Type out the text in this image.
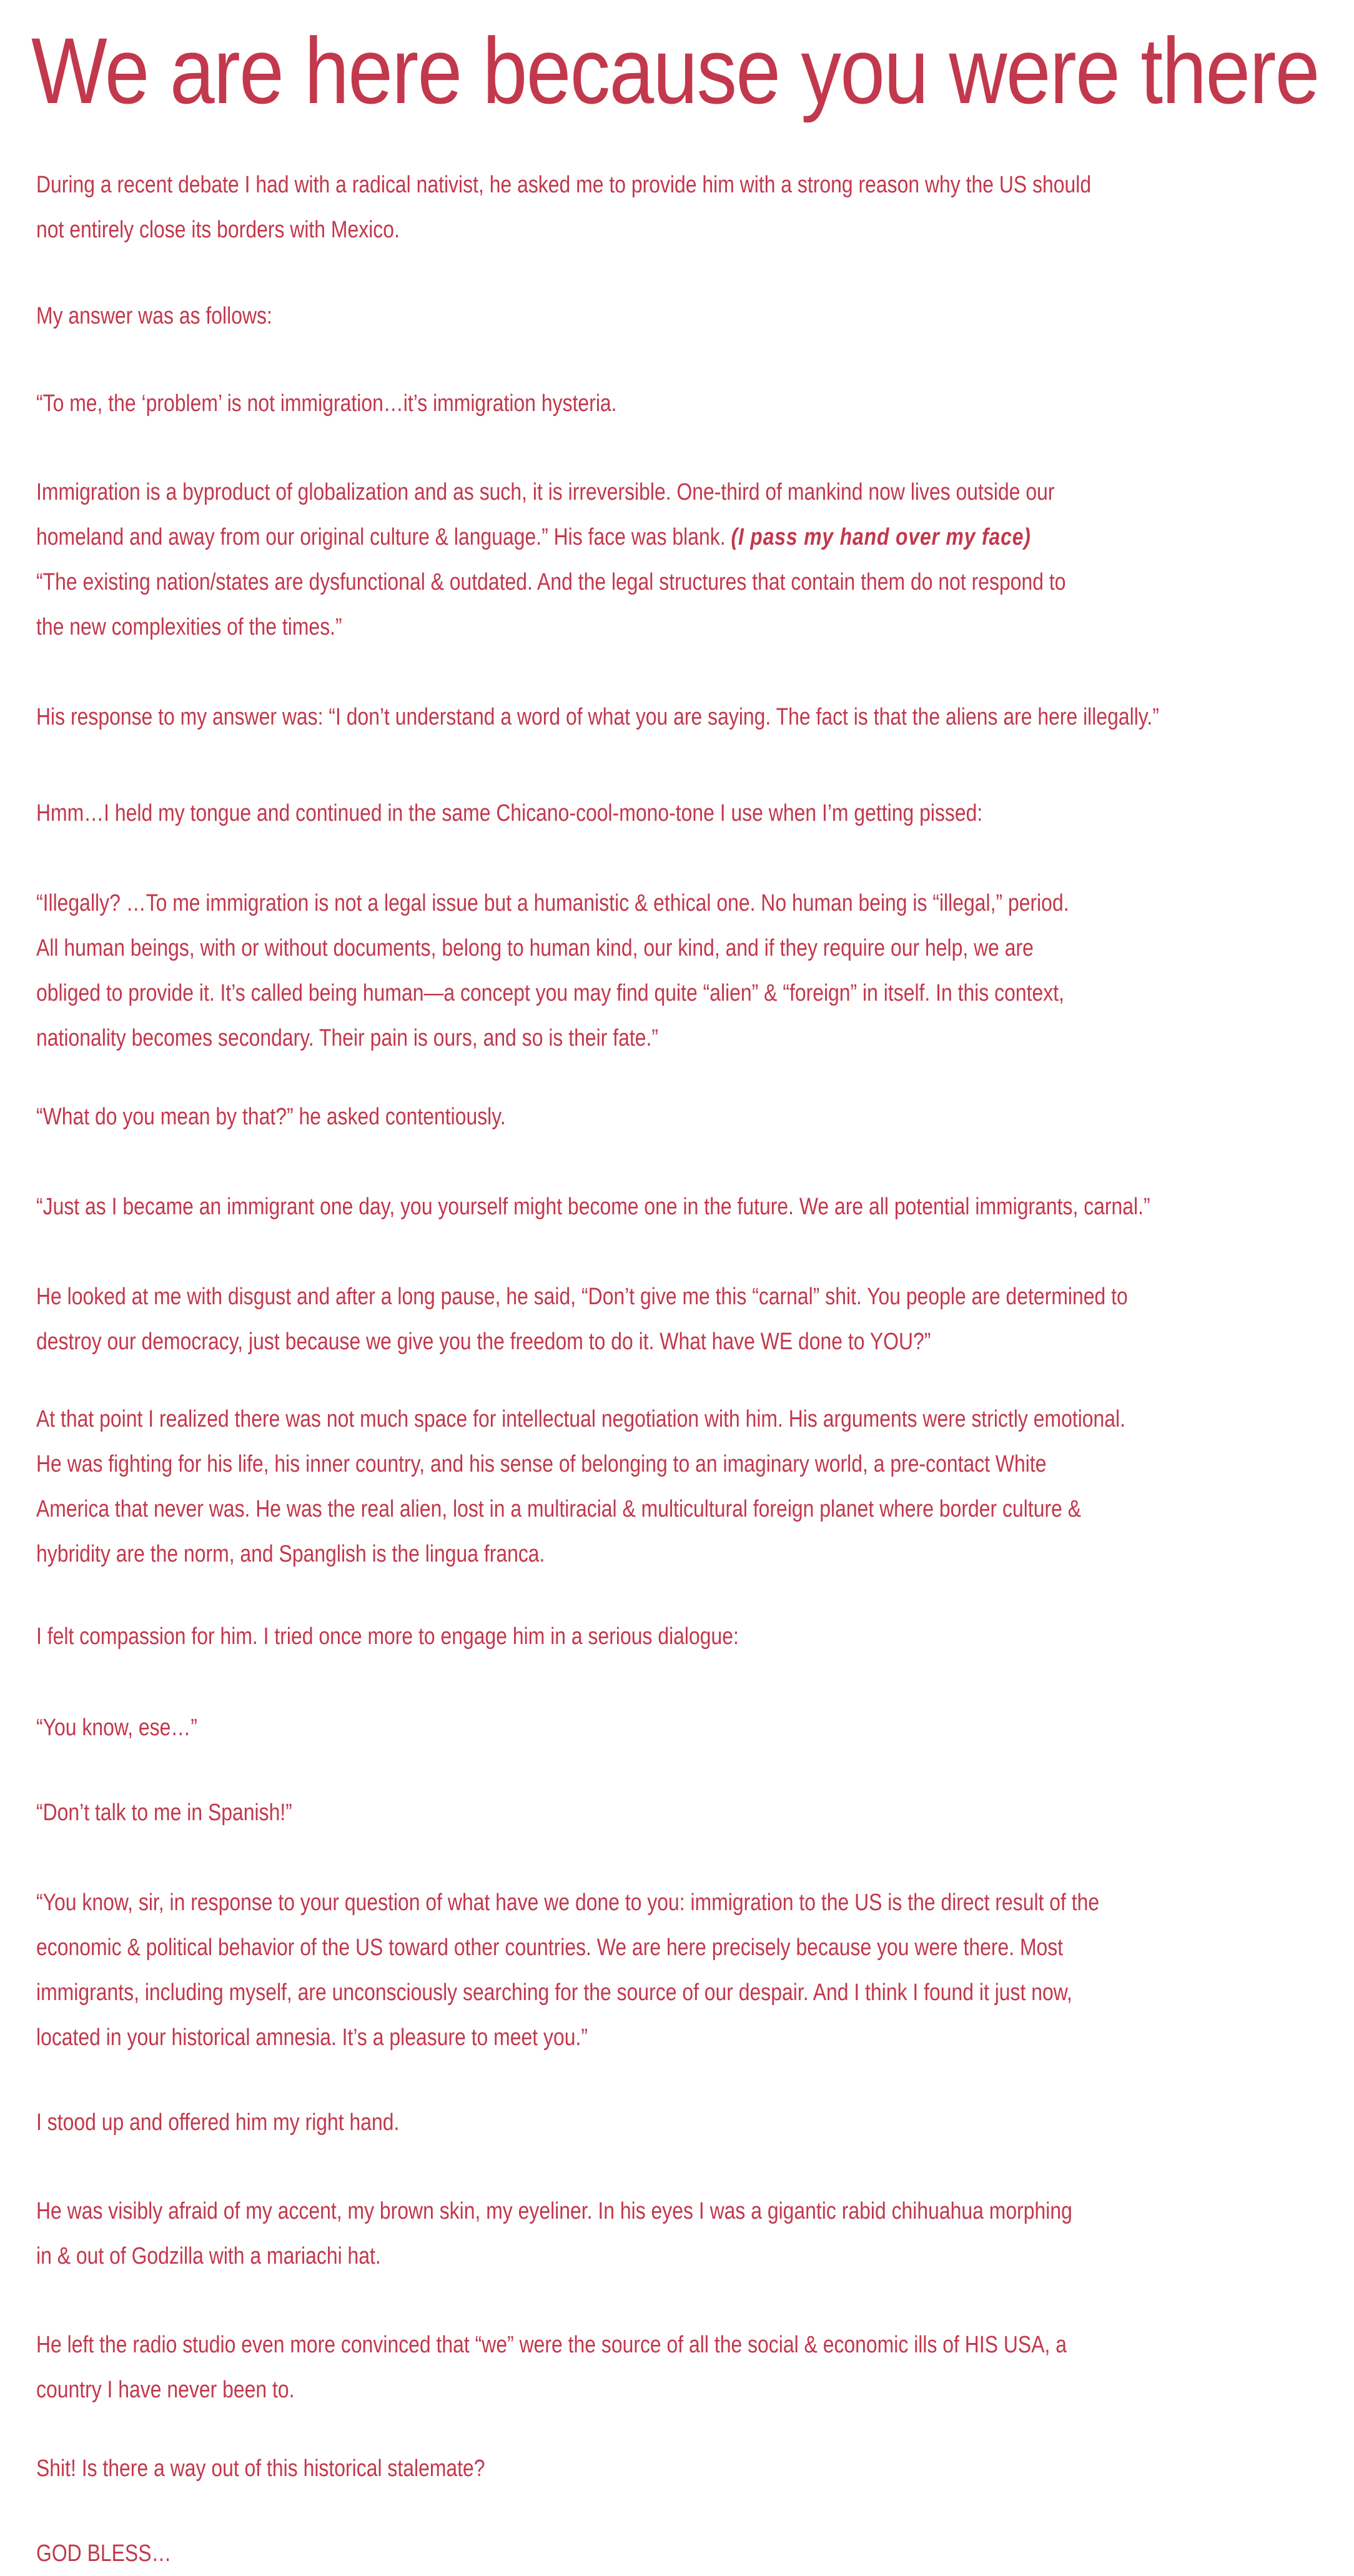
We are here because you were there

During a recent debate I had with a radical nativist, he asked me to provide him with a strong reason why the US should
not entirely close its borders with Mexico.

My answer was as follows:

“To me, the ‘problem’ is not immigration…it’s immigration hysteria.

Immigration is a byproduct of globalization and as such, it is irreversible. One-third of mankind now lives outside our
homeland and away from our original culture & language.” His face was blank. (I pass my hand over my face)

“The existing nation/states are dysfunctional & outdated. And the legal structures that contain them do not respond to
the new complexities of the times.”

His response to my answer was: “I don’t understand a word of what you are saying. The fact is that the aliens are here illegally.”

Hmm…I held my tongue and continued in the same Chicano-cool-mono-tone I use when I’m getting pissed:

“Illegally? …To me immigration is not a legal issue but a humanistic & ethical one. No human being is “illegal,” period.
All human beings, with or without documents, belong to human kind, our kind, and if they require our help, we are
obliged to provide it. It’s called being human—a concept you may find quite “alien” & “foreign” in itself. In this context,
nationality becomes secondary. Their pain is ours, and so is their fate.”

“What do you mean by that?” he asked contentiously.

“Just as I became an immigrant one day, you yourself might become one in the future. We are all potential immigrants, carnal.”

He looked at me with disgust and after a long pause, he said, “Don’t give me this “carnal” shit. You people are determined to
destroy our democracy, just because we give you the freedom to do it. What have WE done to YOU?”

At that point I realized there was not much space for intellectual negotiation with him. His arguments were strictly emotional.
He was fighting for his life, his inner country, and his sense of belonging to an imaginary world, a pre-contact White
America that never was. He was the real alien, lost in a multiracial & multicultural foreign planet where border culture &
hybridity are the norm, and Spanglish is the lingua franca.

I felt compassion for him. I tried once more to engage him in a serious dialogue:

“You know, ese…”

“Don’t talk to me in Spanish!”

“You know, sir, in response to your question of what have we done to you: immigration to the US is the direct result of the
economic & political behavior of the US toward other countries. We are here precisely because you were there. Most
immigrants, including myself, are unconsciously searching for the source of our despair. And I think I found it just now,
located in your historical amnesia. It’s a pleasure to meet you.”

I stood up and offered him my right hand.

He was visibly afraid of my accent, my brown skin, my eyeliner. In his eyes I was a gigantic rabid chihuahua morphing
in & out of Godzilla with a mariachi hat.

He left the radio studio even more convinced that “we” were the source of all the social & economic ills of HIS USA, a
country I have never been to.

Shit! Is there a way out of this historical stalemate?

GOD BLESS…
